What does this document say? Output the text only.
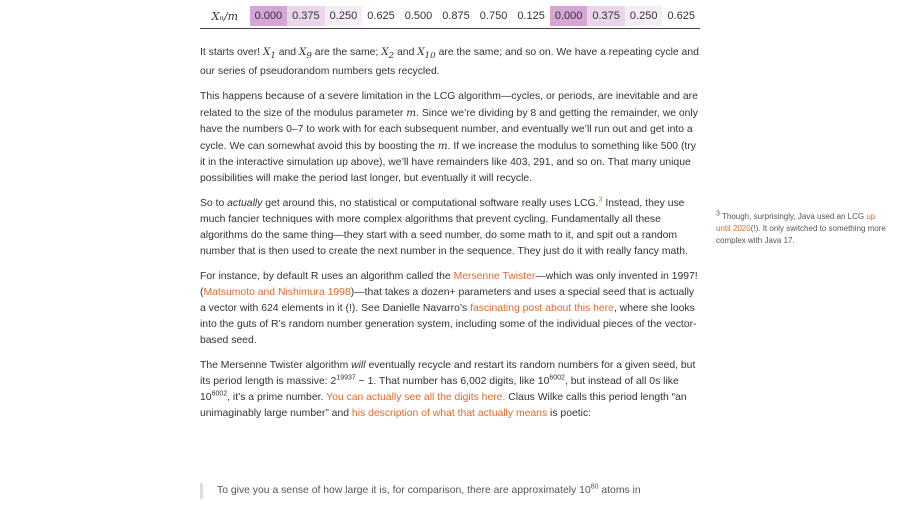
Xₙ/m	0.000	0.375	0.250	0.625	0.500	0.875	0.750	0.125	0.000	0.375	0.250	0.625

It starts over! $X_1$ and $X_9$ are the same; $X_2$ and $X_{10}$ are the same; and so on. We have a repeating cycle and our series of pseudorandom numbers gets recycled.

This happens because of a severe limitation in the LCG algorithm—cycles, or periods, are inevitable and are related to the size of the modulus parameter m. Since we’re dividing by 8 and getting the remainder, we only have the numbers 0–7 to work with for each subsequent number, and eventually we’ll run out and get into a cycle. We can somewhat avoid this by boosting the m. If we increase the modulus to something like 500 (try it in the interactive simulation up above), we’ll have remainders like 403, 291, and so on. That many unique possibilities will make the period last longer, but eventually it will recycle.

So to actually get around this, no statistical or computational software really uses LCG.$^3$ Instead, they use much fancier techniques with more complex algorithms that prevent cycling. Fundamentally all these algorithms do the same thing—they start with a seed number, do some math to it, and spit out a random number that is then used to create the next number in the sequence. They just do it with really fancy math.

For instance, by default R uses an algorithm called the Mersenne Twister—which was only invented in 1997! (Matsumoto and Nishimura 1998)—that takes a dozen+ parameters and uses a special seed that is actually a vector with 624 elements in it (!). See Danielle Navarro’s fascinating post about this here, where she looks into the guts of R’s random number generation system, including some of the individual pieces of the vector-based seed.

The Mersenne Twister algorithm will eventually recycle and restart its random numbers for a given seed, but its period length is massive: $2^{19937} - 1$. That number has 6,002 digits, like $10^{6002}$, but instead of all 0s like $10^{6002}$, it’s a prime number. You can actually see all the digits here. Claus Wilke calls this period length “an unimaginably large number” and his description of what that actually means is poetic:

To give you a sense of how large it is, for comparison, there are approximately $10^{80}$ atoms in
$^3$ Though, surprisingly, Java used an LCG up until 2020(!). It only switched to something more complex with Java 17.
